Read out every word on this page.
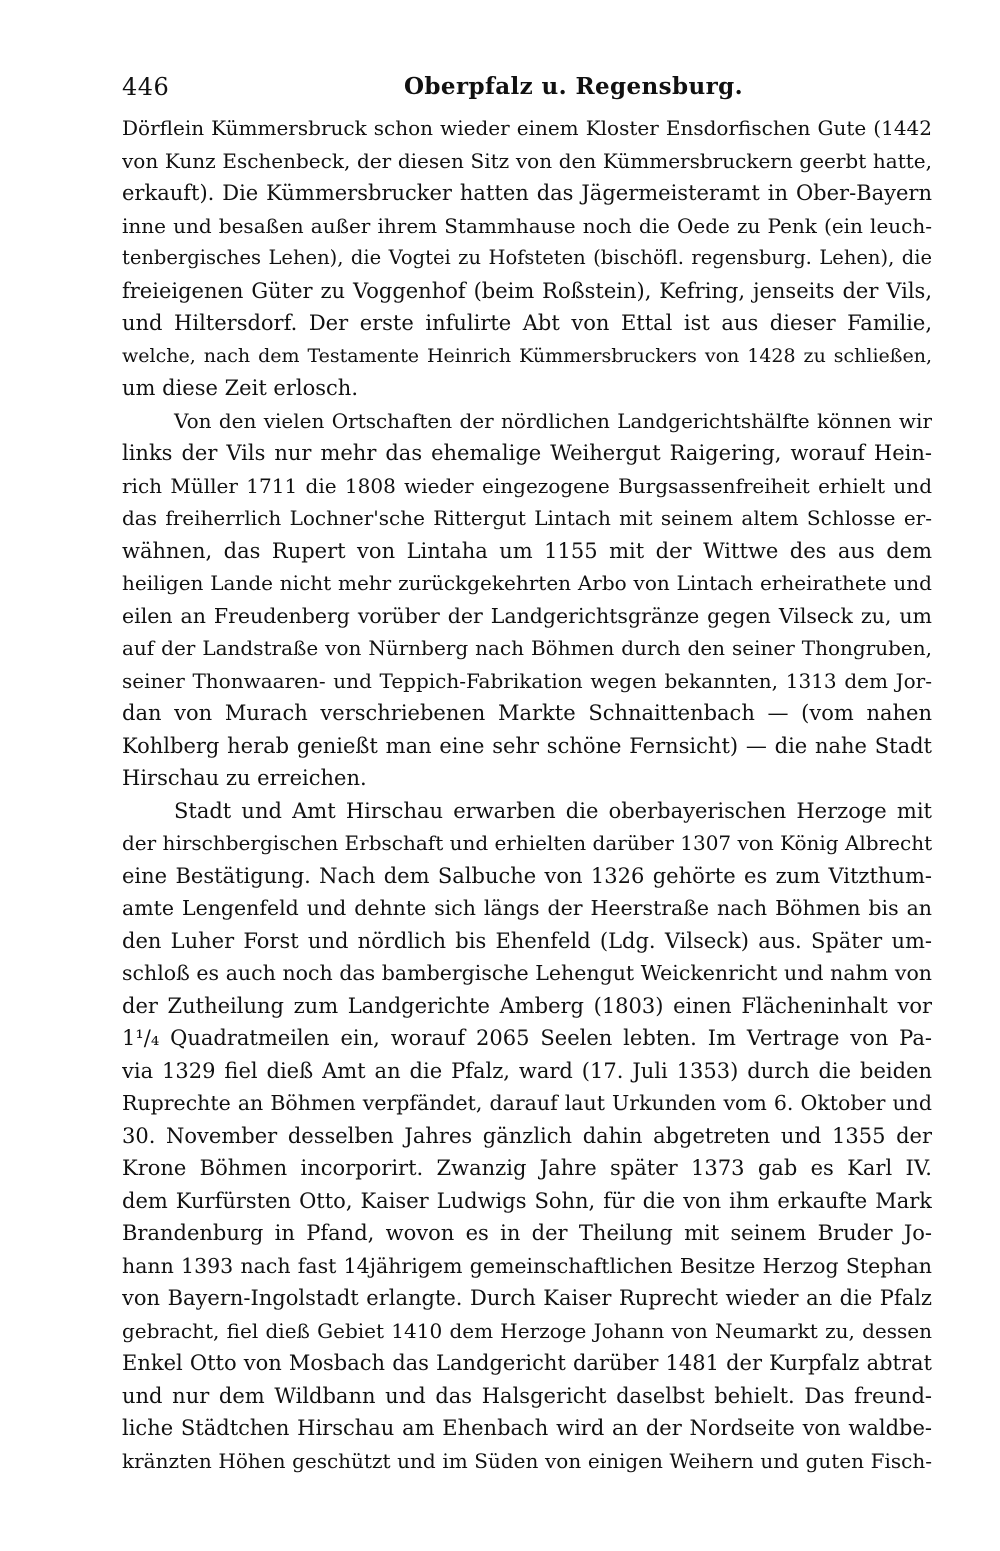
446	Oberpfalz u. Regensburg.
Dörflein Kümmersbruck schon wieder einem Kloster Ensdorfischen Gute (1442
von Kunz Eschenbeck, der diesen Sitz von den Kümmersbruckern geerbt hatte,
erkauft). Die Kümmersbrucker hatten das Jägermeisteramt in Ober-Bayern
inne und besaßen außer ihrem Stammhause noch die Oede zu Penk (ein leuch-
tenbergisches Lehen), die Vogtei zu Hofsteten (bischöfl. regensburg. Lehen), die
freieigenen Güter zu Voggenhof (beim Roßstein), Kefring, jenseits der Vils,
und Hiltersdorf. Der erste infulirte Abt von Ettal ist aus dieser Familie,
welche, nach dem Testamente Heinrich Kümmersbruckers von 1428 zu schließen,
um diese Zeit erlosch.
Von den vielen Ortschaften der nördlichen Landgerichtshälfte können wir
links der Vils nur mehr das ehemalige Weihergut Raigering, worauf Hein-
rich Müller 1711 die 1808 wieder eingezogene Burgsassenfreiheit erhielt und
das freiherrlich Lochner'sche Rittergut Lintach mit seinem altem Schlosse er-
wähnen, das Rupert von Lintaha um 1155 mit der Wittwe des aus dem
heiligen Lande nicht mehr zurückgekehrten Arbo von Lintach erheirathete und
eilen an Freudenberg vorüber der Landgerichtsgränze gegen Vilseck zu, um
auf der Landstraße von Nürnberg nach Böhmen durch den seiner Thongruben,
seiner Thonwaaren- und Teppich-Fabrikation wegen bekannten, 1313 dem Jor-
dan von Murach verschriebenen Markte Schnaittenbach — (vom nahen
Kohlberg herab genießt man eine sehr schöne Fernsicht) — die nahe Stadt
Hirschau zu erreichen.
Stadt und Amt Hirschau erwarben die oberbayerischen Herzoge mit
der hirschbergischen Erbschaft und erhielten darüber 1307 von König Albrecht
eine Bestätigung. Nach dem Salbuche von 1326 gehörte es zum Vitzthum-
amte Lengenfeld und dehnte sich längs der Heerstraße nach Böhmen bis an
den Luher Forst und nördlich bis Ehenfeld (Ldg. Vilseck) aus. Später um-
schloß es auch noch das bambergische Lehengut Weickenricht und nahm von
der Zutheilung zum Landgerichte Amberg (1803) einen Flächeninhalt vor
1¹/₄ Quadratmeilen ein, worauf 2065 Seelen lebten. Im Vertrage von Pa-
via 1329 fiel dieß Amt an die Pfalz, ward (17. Juli 1353) durch die beiden
Ruprechte an Böhmen verpfändet, darauf laut Urkunden vom 6. Oktober und
30. November desselben Jahres gänzlich dahin abgetreten und 1355 der
Krone Böhmen incorporirt. Zwanzig Jahre später 1373 gab es Karl IV.
dem Kurfürsten Otto, Kaiser Ludwigs Sohn, für die von ihm erkaufte Mark
Brandenburg in Pfand, wovon es in der Theilung mit seinem Bruder Jo-
hann 1393 nach fast 14jährigem gemeinschaftlichen Besitze Herzog Stephan
von Bayern-Ingolstadt erlangte. Durch Kaiser Ruprecht wieder an die Pfalz
gebracht, fiel dieß Gebiet 1410 dem Herzoge Johann von Neumarkt zu, dessen
Enkel Otto von Mosbach das Landgericht darüber 1481 der Kurpfalz abtrat
und nur dem Wildbann und das Halsgericht daselbst behielt. Das freund-
liche Städtchen Hirschau am Ehenbach wird an der Nordseite von waldbe-
kränzten Höhen geschützt und im Süden von einigen Weihern und guten Fisch-
